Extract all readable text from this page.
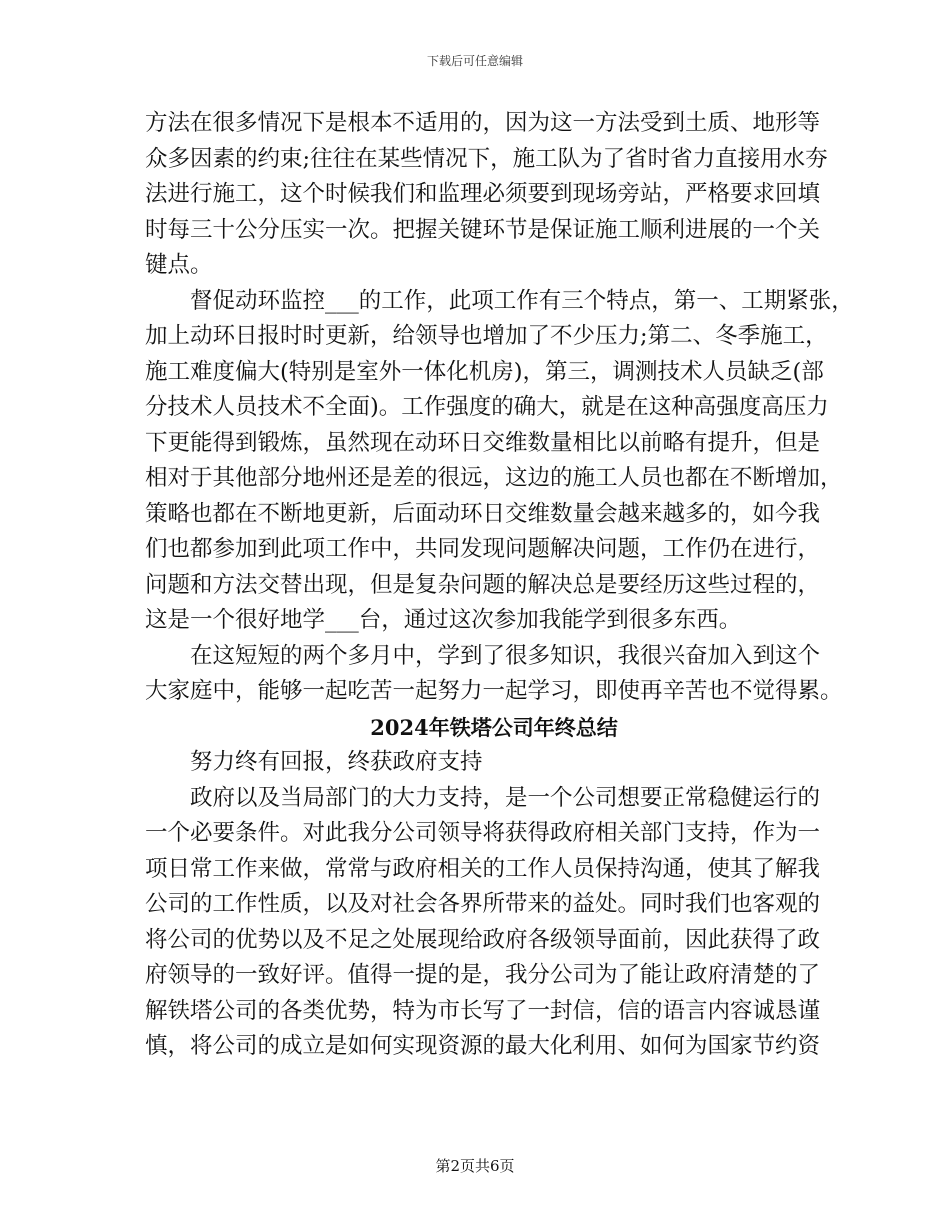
下载后可任意编辑
方法在很多情况下是根本不适用的，因为这一方法受到土质、地形等
众多因素的约束;往往在某些情况下，施工队为了省时省力直接用水夯
法进行施工，这个时候我们和监理必须要到现场旁站，严格要求回填
时每三十公分压实一次。把握关键环节是保证施工顺利进展的一个关
键点。
督促动环监控___的工作，此项工作有三个特点，第一、工期紧张，
加上动环日报时时更新，给领导也增加了不少压力;第二、冬季施工，
施工难度偏大(特别是室外一体化机房)，第三，调测技术人员缺乏(部
分技术人员技术不全面)。工作强度的确大，就是在这种高强度高压力
下更能得到锻炼，虽然现在动环日交维数量相比以前略有提升，但是
相对于其他部分地州还是差的很远，这边的施工人员也都在不断增加，
策略也都在不断地更新，后面动环日交维数量会越来越多的，如今我
们也都参加到此项工作中，共同发现问题解决问题，工作仍在进行，
问题和方法交替出现，但是复杂问题的解决总是要经历这些过程的，
这是一个很好地学___台，通过这次参加我能学到很多东西。
在这短短的两个多月中，学到了很多知识，我很兴奋加入到这个
大家庭中，能够一起吃苦一起努力一起学习，即使再辛苦也不觉得累。
2024年铁塔公司年终总结
努力终有回报，终获政府支持
政府以及当局部门的大力支持，是一个公司想要正常稳健运行的
一个必要条件。对此我分公司领导将获得政府相关部门支持，作为一
项日常工作来做，常常与政府相关的工作人员保持沟通，使其了解我
公司的工作性质，以及对社会各界所带来的益处。同时我们也客观的
将公司的优势以及不足之处展现给政府各级领导面前，因此获得了政
府领导的一致好评。值得一提的是，我分公司为了能让政府清楚的了
解铁塔公司的各类优势，特为市长写了一封信，信的语言内容诚恳谨
慎，将公司的成立是如何实现资源的最大化利用、如何为国家节约资
第2页共6页
